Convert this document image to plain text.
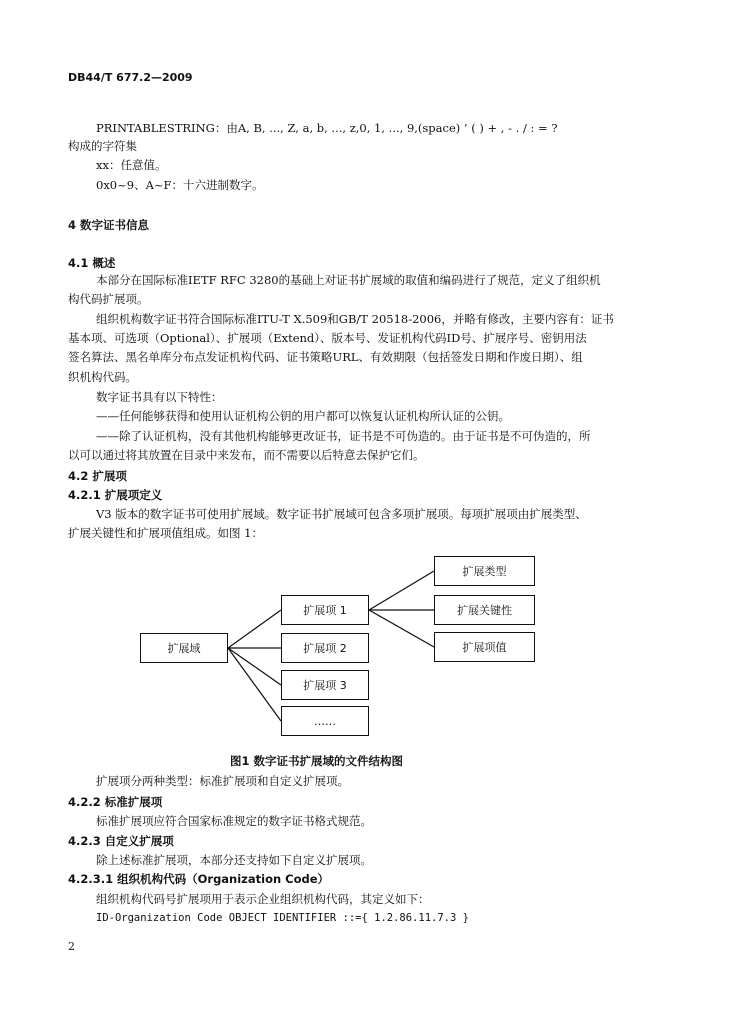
DB44/T 677.2—2009
PRINTABLESTRING：由A, B, ..., Z, a, b, ..., z,0, 1, ..., 9,(space) ’ ( ) + , - . / : = ?
构成的字符集
xx：任意值。
0x0~9、A~F：十六进制数字。
4 数字证书信息
4.1 概述
本部分在国际标准IETF RFC 3280的基础上对证书扩展域的取值和编码进行了规范，定义了组织机
构代码扩展项。
组织机构数字证书符合国际标准ITU-T X.509和GB/T 20518-2006，并略有修改，主要内容有：证书
基本项、可选项（Optional）、扩展项（Extend）、版本号、发证机构代码ID号、扩展序号、密钥用法
签名算法、黑名单库分布点发证机构代码、证书策略URL、有效期限（包括签发日期和作废日期）、组
织机构代码。
数字证书具有以下特性：
——任何能够获得和使用认证机构公钥的用户都可以恢复认证机构所认证的公钥。
——除了认证机构，没有其他机构能够更改证书，证书是不可伪造的。由于证书是不可伪造的，所
以可以通过将其放置在目录中来发布，而不需要以后特意去保护它们。
4.2 扩展项
4.2.1 扩展项定义
V3 版本的数字证书可使用扩展域。数字证书扩展域可包含多项扩展项。每项扩展项由扩展类型、
扩展关键性和扩展项值组成。如图 1：
扩展域
扩展项 1
扩展项 2
扩展项 3
……
扩展类型
扩展关键性
扩展项值
图1 数字证书扩展域的文件结构图
扩展项分两种类型：标准扩展项和自定义扩展项。
4.2.2 标准扩展项
标准扩展项应符合国家标准规定的数字证书格式规范。
4.2.3 自定义扩展项
除上述标准扩展项，本部分还支持如下自定义扩展项。
4.2.3.1 组织机构代码（Organization Code）
组织机构代码号扩展项用于表示企业组织机构代码，其定义如下：
ID-Organization Code OBJECT IDENTIFIER ::={ 1.2.86.11.7.3 }
2
